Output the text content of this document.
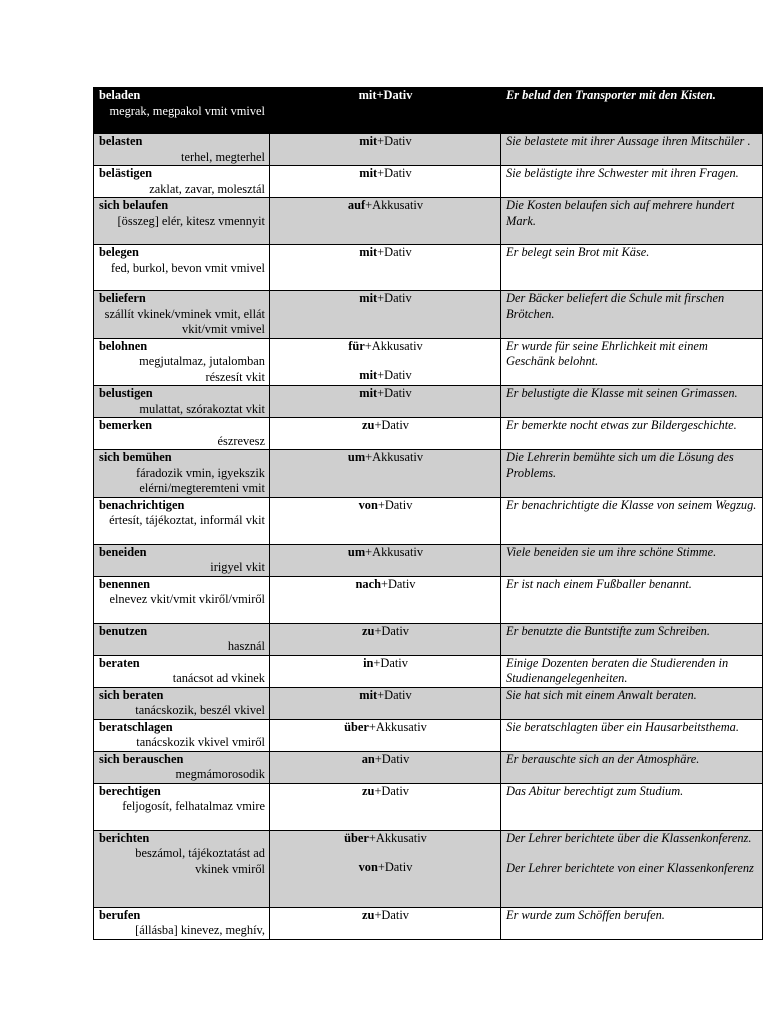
beladen
megrak, megpakol vmit vmivel	mit+Dativ	Er belud den Transporter mit den Kisten.

belasten
terhel, megterhel	mit+Dativ	Sie belastete mit ihrer Aussage ihren Mitschüler .

belästigen
zaklat, zavar, molesztál	mit+Dativ	Sie belästigte ihre Schwester mit ihren Fragen.

sich belaufen
[összeg] elér, kitesz vmennyit	auf+Akkusativ	Die Kosten belaufen sich auf mehrere hundert Mark.

belegen
fed, burkol, bevon vmit vmivel	mit+Dativ	Er belegt sein Brot mit Käse.

beliefern
szállít vkinek/vminek vmit, ellát vkit/vmit vmivel	mit+Dativ	Der Bäcker beliefert die Schule mit firschen Brötchen.

belohnen
megjutalmaz, jutalomban részesít vkit	für+Akkusativ
mit+Dativ	Er wurde für seine Ehrlichkeit mit einem Geschänk belohnt.

belustigen
mulattat, szórakoztat vkit	mit+Dativ	Er belustigte die Klasse mit seinen Grimassen.

bemerken
észrevesz	zu+Dativ	Er bemerkte nocht etwas zur Bildergeschichte.

sich bemühen
fáradozik vmin, igyekszik elérni/megteremteni vmit	um+Akkusativ	Die Lehrerin bemühte sich um die Lösung des Problems.

benachrichtigen
értesít, tájékoztat, informál vkit	von+Dativ	Er benachrichtigte die Klasse von seinem Wegzug.

beneiden
irigyel vkit	um+Akkusativ	Viele beneiden sie um ihre schöne Stimme.

benennen
elnevez vkit/vmit vkiről/vmiről	nach+Dativ	Er ist nach einem Fußballer benannt.

benutzen
használ	zu+Dativ	Er benutzte die Buntstifte zum Schreiben.

beraten
tanácsot ad vkinek	in+Dativ	Einige Dozenten beraten die Studierenden in Studienangelegenheiten.

sich beraten
tanácskozik, beszél vkivel	mit+Dativ	Sie hat sich mit einem Anwalt beraten.

beratschlagen
tanácskozik vkivel vmiről	über+Akkusativ	Sie beratschlagten über ein Hausarbeitsthema.

sich berauschen
megmámorosodik	an+Dativ	Er berauschte sich an der Atmosphäre.

berechtigen
feljogosít, felhatalmaz vmire	zu+Dativ	Das Abitur berechtigt zum Studium.

berichten
beszámol, tájékoztatást ad vkinek vmiről	über+Akkusativ
von+Dativ	Der Lehrer berichtete über die Klassenkonferenz.
Der Lehrer berichtete von einer Klassenkonferenz

berufen
[állásba] kinevez, meghív,	zu+Dativ	Er wurde zum Schöffen berufen.
